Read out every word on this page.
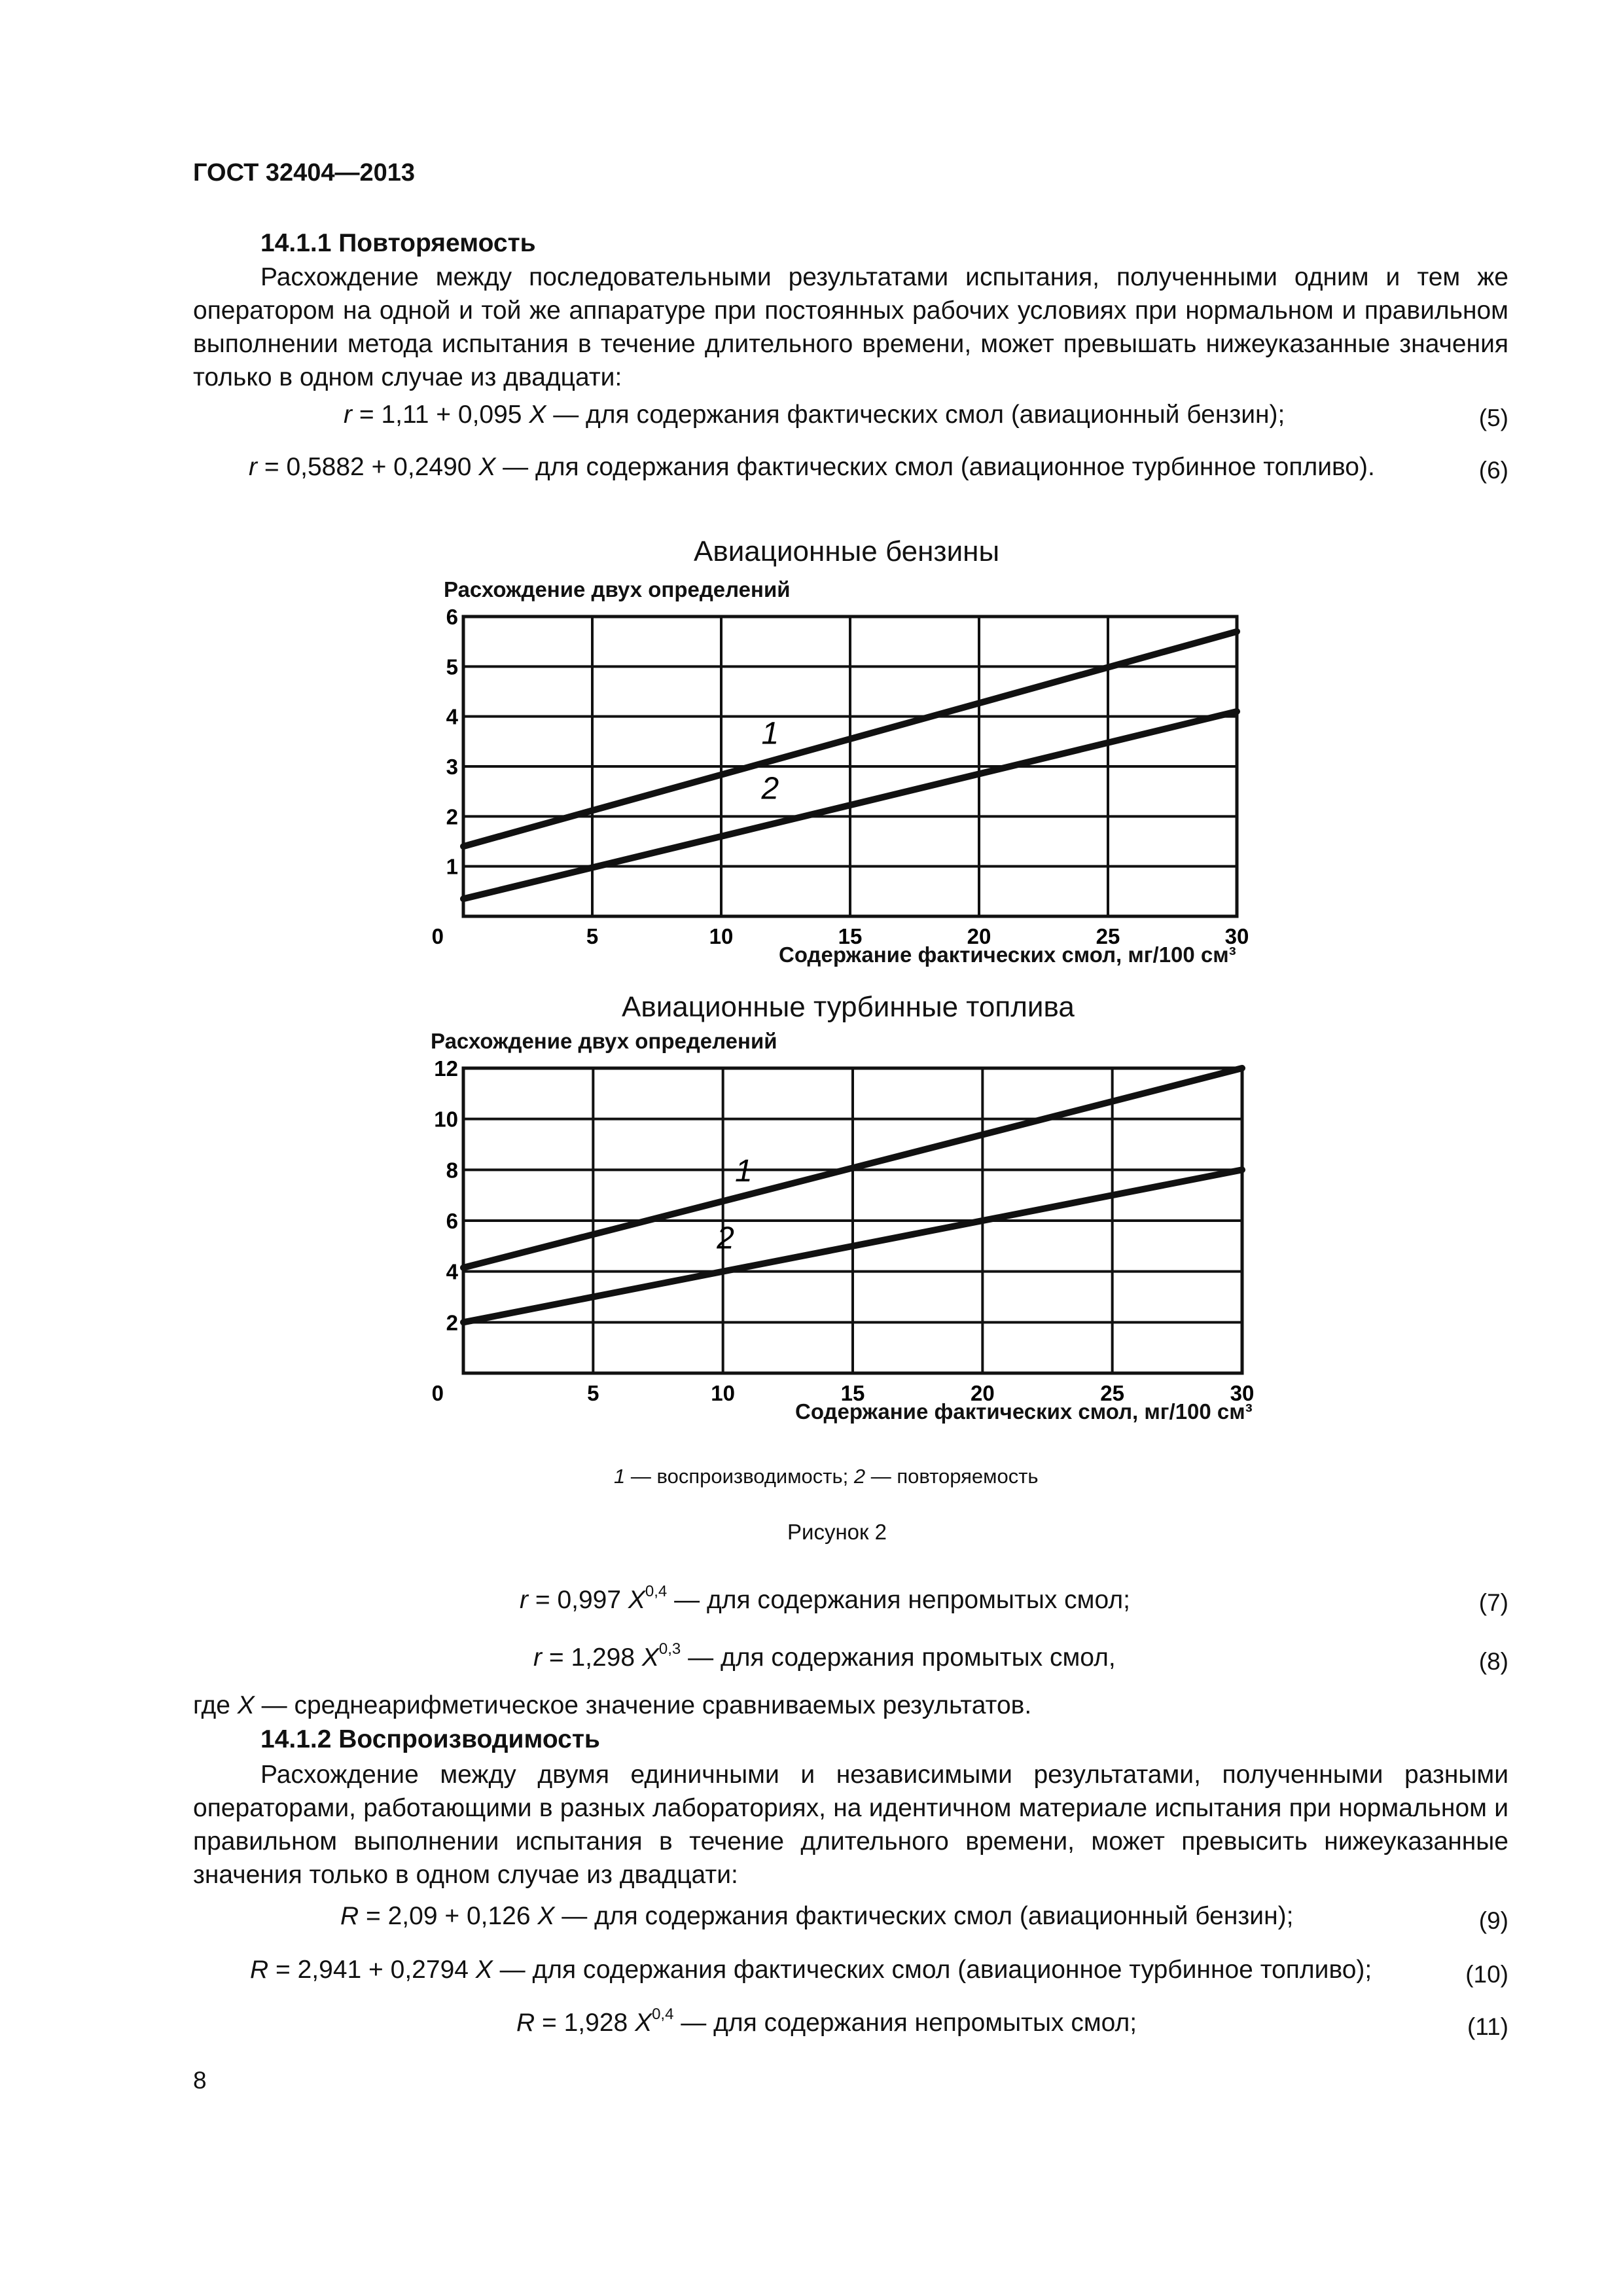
ГОСТ 32404—2013
14.1.1 Повторяемость

Расхождение между последовательными результатами испытания, полученными одним и тем же оператором на одной и той же аппаратуре при постоянных рабочих условиях при нормальном и правильном выполнении метода испытания в течение длительного времени, может превышать нижеуказанные значения только в одном случае из двадцати:

r = 1,11 + 0,095 X — для содержания фактических смол (авиационный бензин);	(5)
r = 0,5882 + 0,2490 X — для содержания фактических смол (авиационное турбинное топливо).	(6)
Авиационные бензины
Расхождение двух определений
0	5	10	15	20	25	30
1
2
3
4
5
6
1
2
Содержание фактических смол, мг/100 см³
Авиационные турбинные топлива
Расхождение двух определений
0	5	10	15	20	25	30
2
4
6
8
10
12
1
2
Содержание фактических смол, мг/100 см³
1 — воспроизводимость; 2 — повторяемость
Рисунок 2
r = 0,997 X$^{0,4}$ — для содержания непромытых смол;	(7)
r = 1,298 X$^{0,3}$ — для содержания промытых смол,	(8)
где X — среднеарифметическое значение сравниваемых результатов.
14.1.2 Воспроизводимость

Расхождение между двумя единичными и независимыми результатами, полученными разными операторами, работающими в разных лабораториях, на идентичном материале испытания при нормальном и правильном выполнении испытания в течение длительного времени, может превысить нижеуказанные значения только в одном случае из двадцати:

R = 2,09 + 0,126 X — для содержания фактических смол (авиационный бензин);	(9)
R = 2,941 + 0,2794 X — для содержания фактических смол (авиационное турбинное топливо);	(10)
R = 1,928 X$^{0,4}$ — для содержания непромытых смол;	(11)
8
